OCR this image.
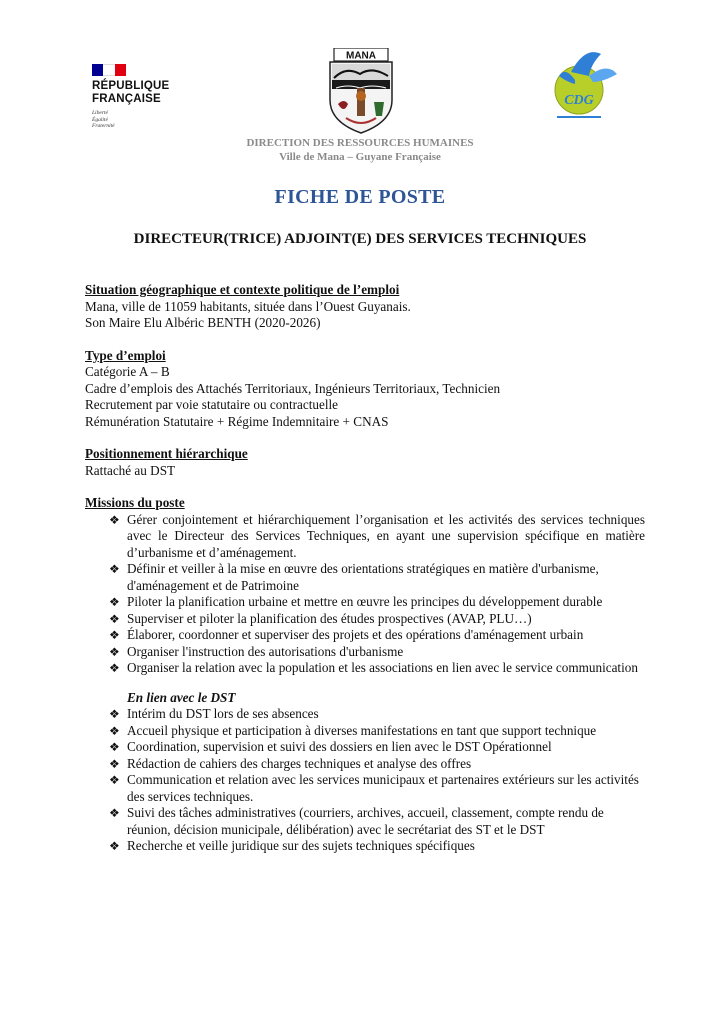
RÉPUBLIQUE
FRANÇAISE
Liberté
Égalité
Fraternité
MANA
CDG
DIRECTION DES RESSOURCES HUMAINES
Ville de Mana – Guyane Française
FICHE DE POSTE
DIRECTEUR(TRICE) ADJOINT(E) DES SERVICES TECHNIQUES
Situation géographique et contexte politique de l’emploi
Mana, ville de 11059 habitants, située dans l’Ouest Guyanais.
Son Maire Elu Albéric BENTH (2020-2026)
Type d’emploi
Catégorie A – B
Cadre d’emplois des Attachés Territoriaux, Ingénieurs Territoriaux, Technicien
Recrutement par voie statutaire ou contractuelle
Rémunération Statutaire + Régime Indemnitaire + CNAS
Positionnement hiérarchique
Rattaché au DST
Missions du poste
❖ Gérer conjointement et hiérarchiquement l’organisation et les activités des services techniques avec le Directeur des Services Techniques, en ayant une supervision spécifique en matière d’urbanisme et d’aménagement.
❖ Définir et veiller à la mise en œuvre des orientations stratégiques en matière d'urbanisme, d'aménagement et de Patrimoine
❖ Piloter la planification urbaine et mettre en œuvre les principes du développement durable
❖ Superviser et piloter la planification des études prospectives (AVAP, PLU…)
❖ Élaborer, coordonner et superviser des projets et des opérations d'aménagement urbain
❖ Organiser l'instruction des autorisations d'urbanisme
❖ Organiser la relation avec la population et les associations en lien avec le service communication
En lien avec le DST
❖ Intérim du DST lors de ses absences
❖ Accueil physique et participation à diverses manifestations en tant que support technique
❖ Coordination, supervision et suivi des dossiers en lien avec le DST Opérationnel
❖ Rédaction de cahiers des charges techniques et analyse des offres
❖ Communication et relation avec les services municipaux et partenaires extérieurs sur les activités des services techniques.
❖ Suivi des tâches administratives (courriers, archives, accueil, classement, compte rendu de réunion, décision municipale, délibération) avec le secrétariat des ST et le DST
❖ Recherche et veille juridique sur des sujets techniques spécifiques
